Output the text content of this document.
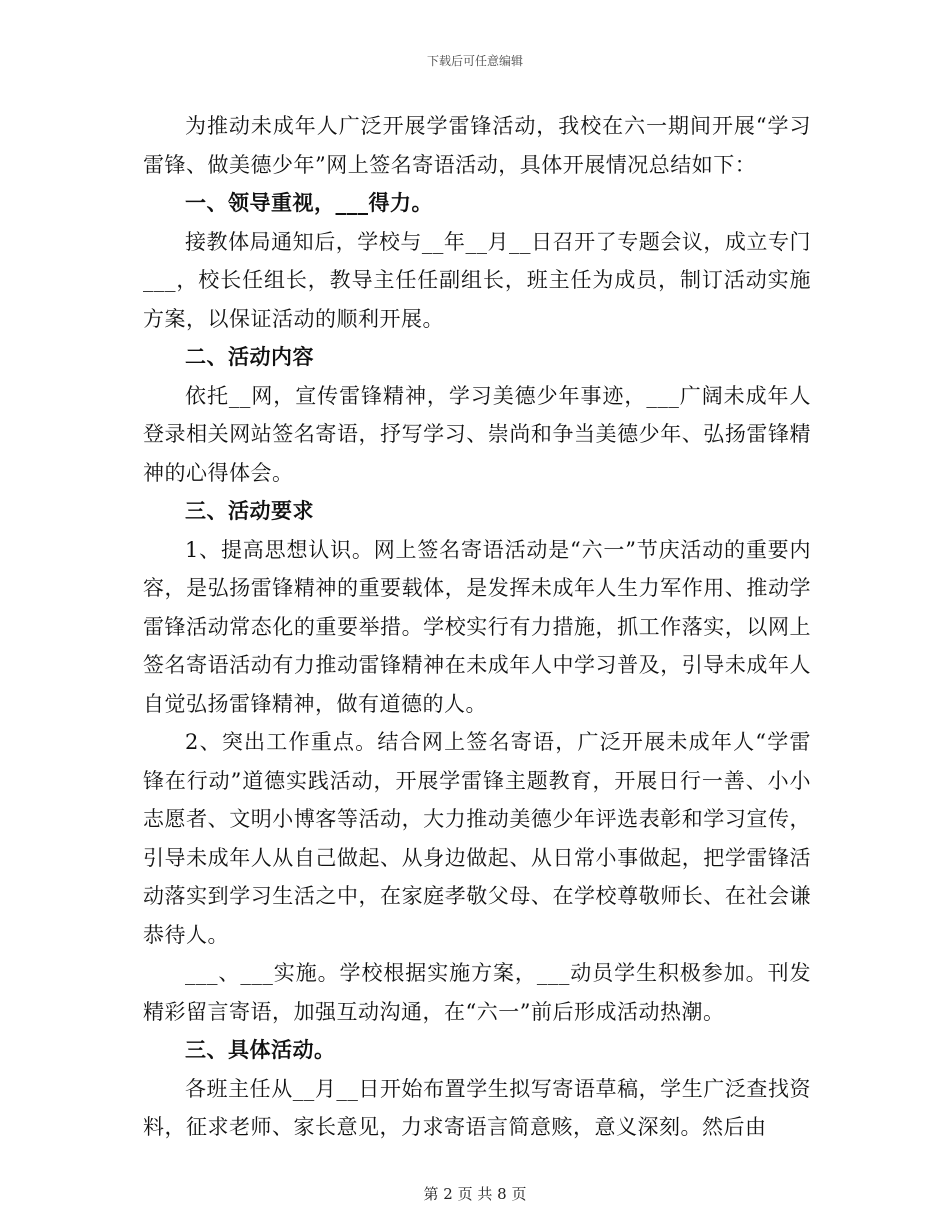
下载后可任意编辑

为推动未成年人广泛开展学雷锋活动，我校在六一期间开展“学习雷锋、做美德少年”网上签名寄语活动，具体开展情况总结如下：

一、领导重视，___得力。

接教体局通知后，学校与__年__月__日召开了专题会议，成立专门___，校长任组长，教导主任任副组长，班主任为成员，制订活动实施方案，以保证活动的顺利开展。

二、活动内容

依托__网，宣传雷锋精神，学习美德少年事迹，___广阔未成年人登录相关网站签名寄语，抒写学习、崇尚和争当美德少年、弘扬雷锋精神的心得体会。

三、活动要求

1、提高思想认识。网上签名寄语活动是“六一”节庆活动的重要内容，是弘扬雷锋精神的重要载体，是发挥未成年人生力军作用、推动学雷锋活动常态化的重要举措。学校实行有力措施，抓工作落实，以网上签名寄语活动有力推动雷锋精神在未成年人中学习普及，引导未成年人自觉弘扬雷锋精神，做有道德的人。

2、突出工作重点。结合网上签名寄语，广泛开展未成年人“学雷锋在行动”道德实践活动，开展学雷锋主题教育，开展日行一善、小小志愿者、文明小博客等活动，大力推动美德少年评选表彰和学习宣传，引导未成年人从自己做起、从身边做起、从日常小事做起，把学雷锋活动落实到学习生活之中，在家庭孝敬父母、在学校尊敬师长、在社会谦恭待人。

___、___实施。学校根据实施方案，___动员学生积极参加。刊发精彩留言寄语，加强互动沟通，在“六一”前后形成活动热潮。

三、具体活动。

各班主任从__月__日开始布置学生拟写寄语草稿，学生广泛查找资料，征求老师、家长意见，力求寄语言简意赅，意义深刻。然后由

第 2 页 共 8 页
